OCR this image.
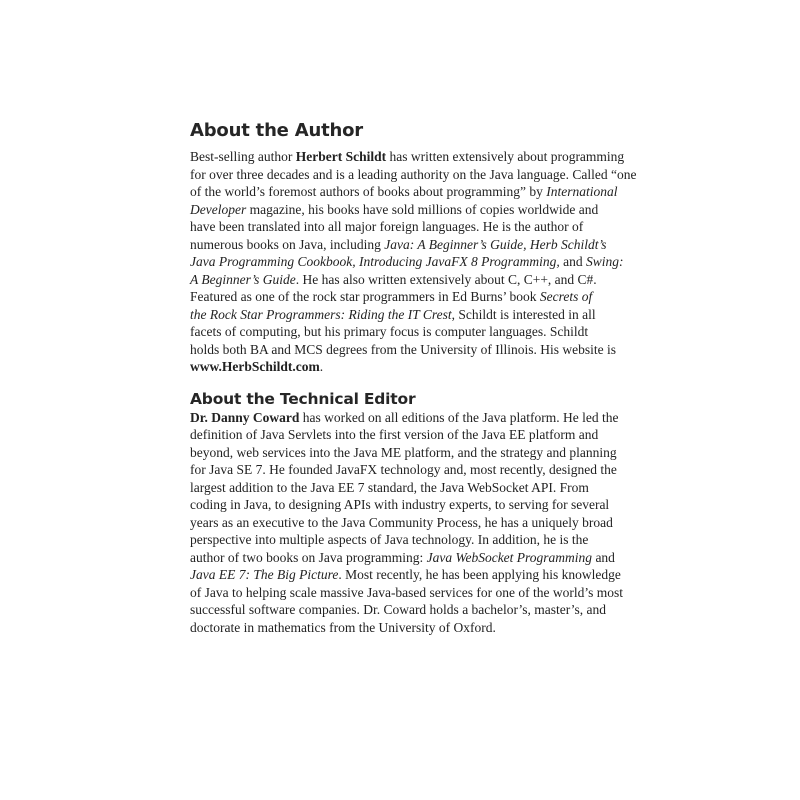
About the Author

Best-selling author Herbert Schildt has written extensively about programming
for over three decades and is a leading authority on the Java language. Called “one
of the world’s foremost authors of books about programming” by International
Developer magazine, his books have sold millions of copies worldwide and
have been translated into all major foreign languages. He is the author of
numerous books on Java, including Java: A Beginner’s Guide, Herb Schildt’s
Java Programming Cookbook, Introducing JavaFX 8 Programming, and Swing:
A Beginner’s Guide. He has also written extensively about C, C++, and C#.
Featured as one of the rock star programmers in Ed Burns’ book Secrets of
the Rock Star Programmers: Riding the IT Crest, Schildt is interested in all
facets of computing, but his primary focus is computer languages. Schildt
holds both BA and MCS degrees from the University of Illinois. His website is
www.HerbSchildt.com.

About the Technical Editor

Dr. Danny Coward has worked on all editions of the Java platform. He led the
definition of Java Servlets into the first version of the Java EE platform and
beyond, web services into the Java ME platform, and the strategy and planning
for Java SE 7. He founded JavaFX technology and, most recently, designed the
largest addition to the Java EE 7 standard, the Java WebSocket API. From
coding in Java, to designing APIs with industry experts, to serving for several
years as an executive to the Java Community Process, he has a uniquely broad
perspective into multiple aspects of Java technology. In addition, he is the
author of two books on Java programming: Java WebSocket Programming and
Java EE 7: The Big Picture. Most recently, he has been applying his knowledge
of Java to helping scale massive Java-based services for one of the world’s most
successful software companies. Dr. Coward holds a bachelor’s, master’s, and
doctorate in mathematics from the University of Oxford.
